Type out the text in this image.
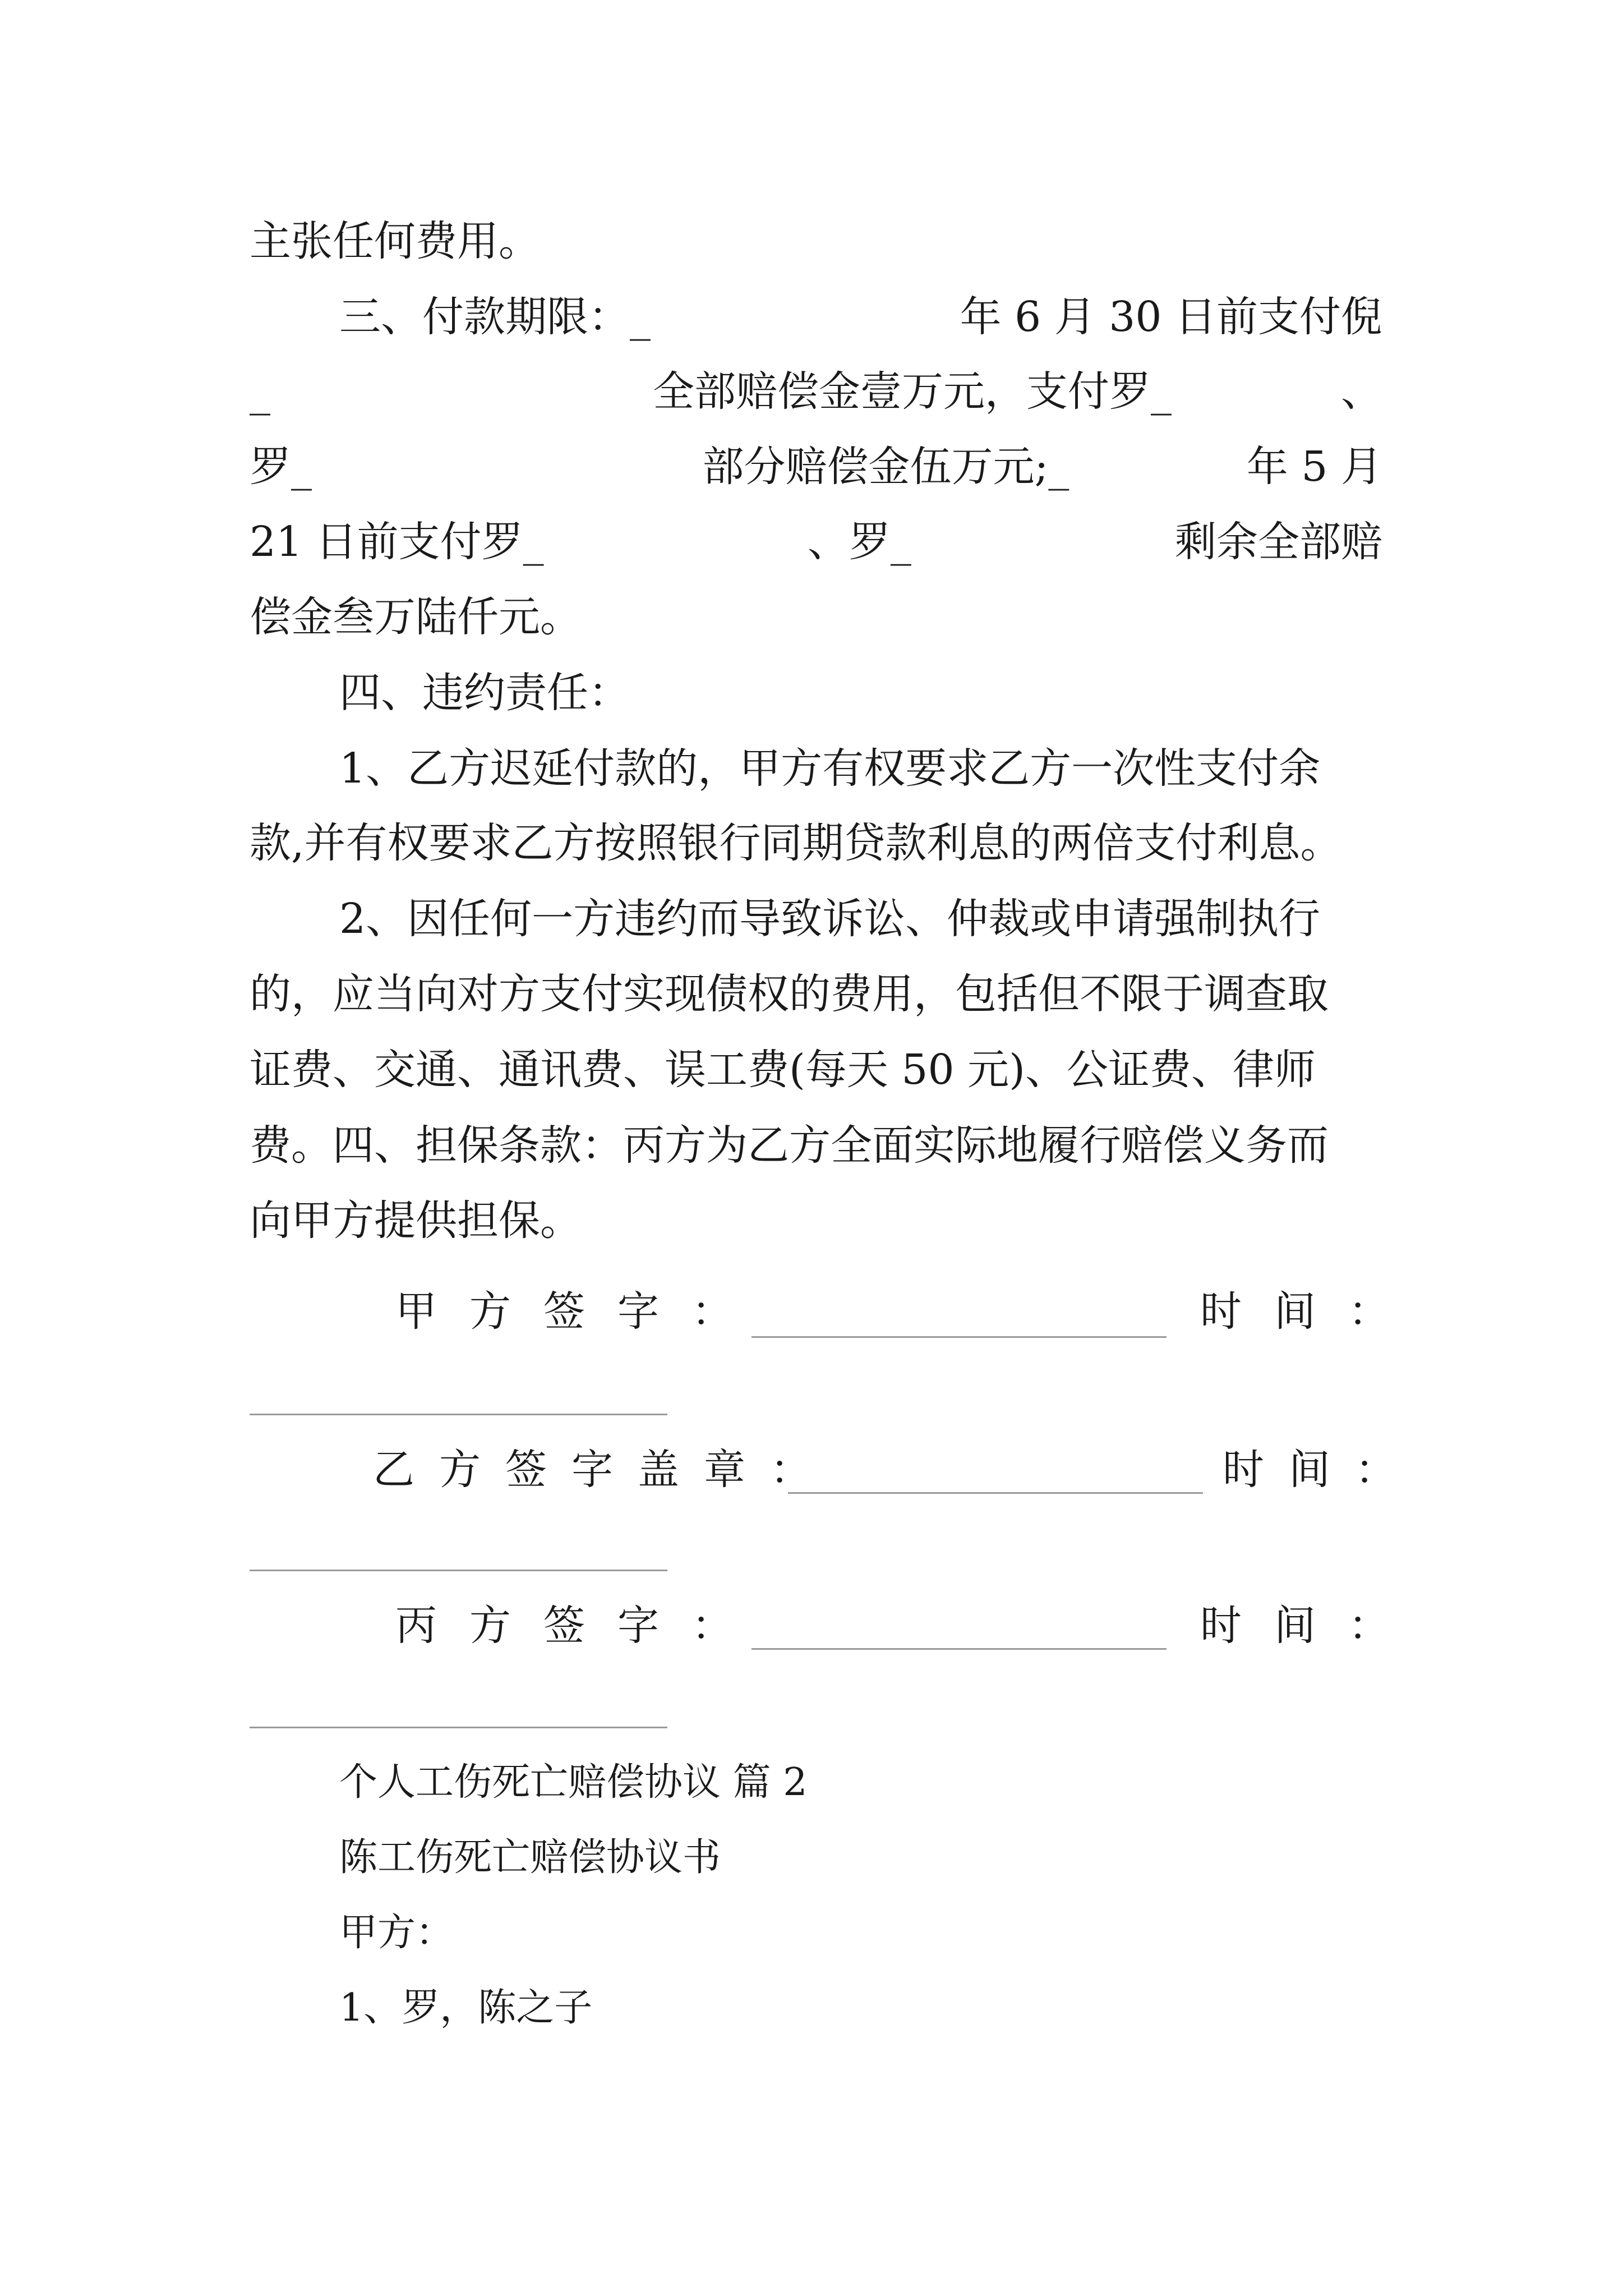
主张任何费用。
三、付款期限：_	年 6 月 30 日前支付倪
_	全部赔偿金壹万元，支付罗_	、
罗_	部分赔偿金伍万元;_	年 5 月
21 日前支付罗_	、罗_	剩余全部赔
偿金叁万陆仟元。
四、违约责任：
1、乙方迟延付款的，甲方有权要求乙方一次性支付余
款,并有权要求乙方按照银行同期贷款利息的两倍支付利息。
2、因任何一方违约而导致诉讼、仲裁或申请强制执行
的，应当向对方支付实现债权的费用，包括但不限于调查取
证费、交通、通讯费、误工费(每天 50 元)、公证费、律师
费。四、担保条款：丙方为乙方全面实际地履行赔偿义务而
向甲方提供担保。
甲方签字：	时间：
乙方签字盖章：	时间：
丙方签字：	时间：
个人工伤死亡赔偿协议 篇 2
陈工伤死亡赔偿协议书
甲方：
1、罗，陈之子
